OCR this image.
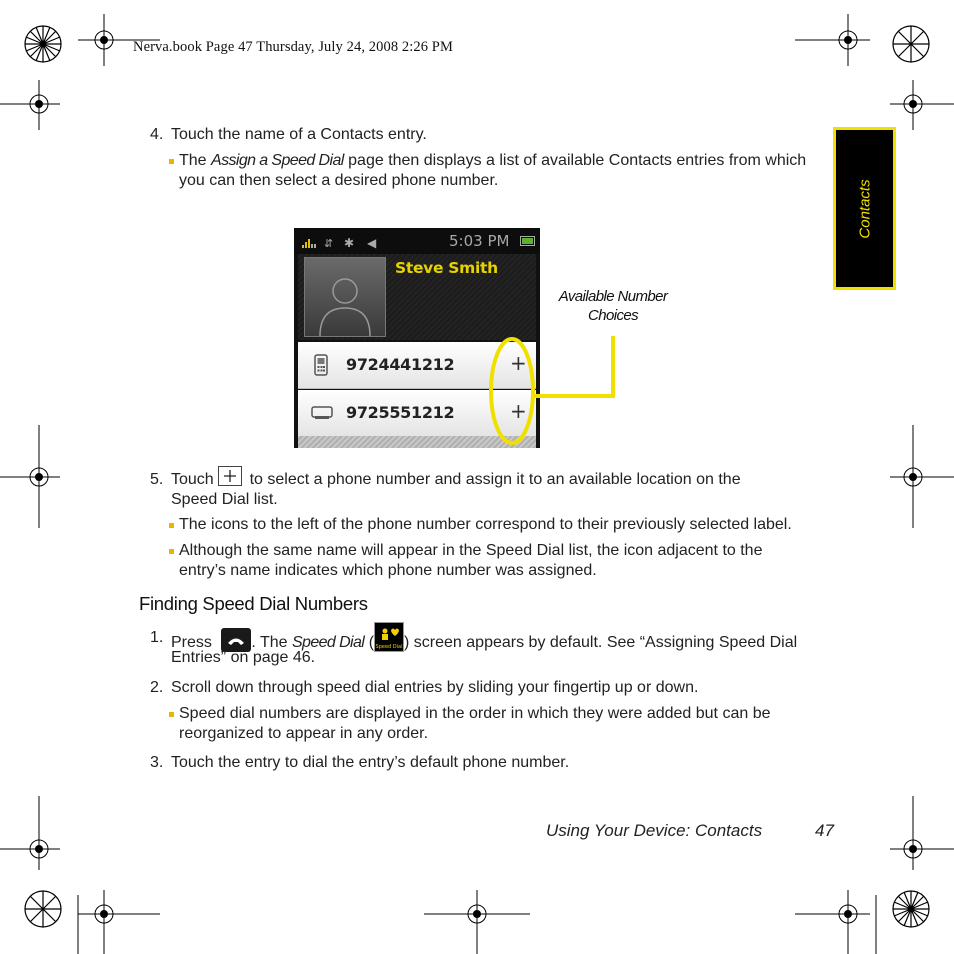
Nerva.book Page 47 Thursday, July 24, 2008 2:26 PM
Contacts
4. Touch the name of a Contacts entry.
The Assign a Speed Dial page then displays a list of available Contacts entries from which
you can then select a desired phone number.
⇵ ✱ ◀	5:03 PM
Steve Smith
9724441212	+
9725551212	+
Available Number
Choices
5. Touch  to select a phone number and assign it to an available location on the
Speed Dial list.
The icons to the left of the phone number correspond to their previously selected label.
Although the same name will appear in the Speed Dial list, the icon adjacent to the
entry’s name indicates which phone number was assigned.
Finding Speed Dial Numbers
1. Press . The Speed Dial ( Speed Dial ) screen appears by default. See “Assigning Speed Dial
Entries” on page 46.
2. Scroll down through speed dial entries by sliding your fingertip up or down.
Speed dial numbers are displayed in the order in which they were added but can be
reorganized to appear in any order.
3. Touch the entry to dial the entry’s default phone number.
Using Your Device: Contacts	47
